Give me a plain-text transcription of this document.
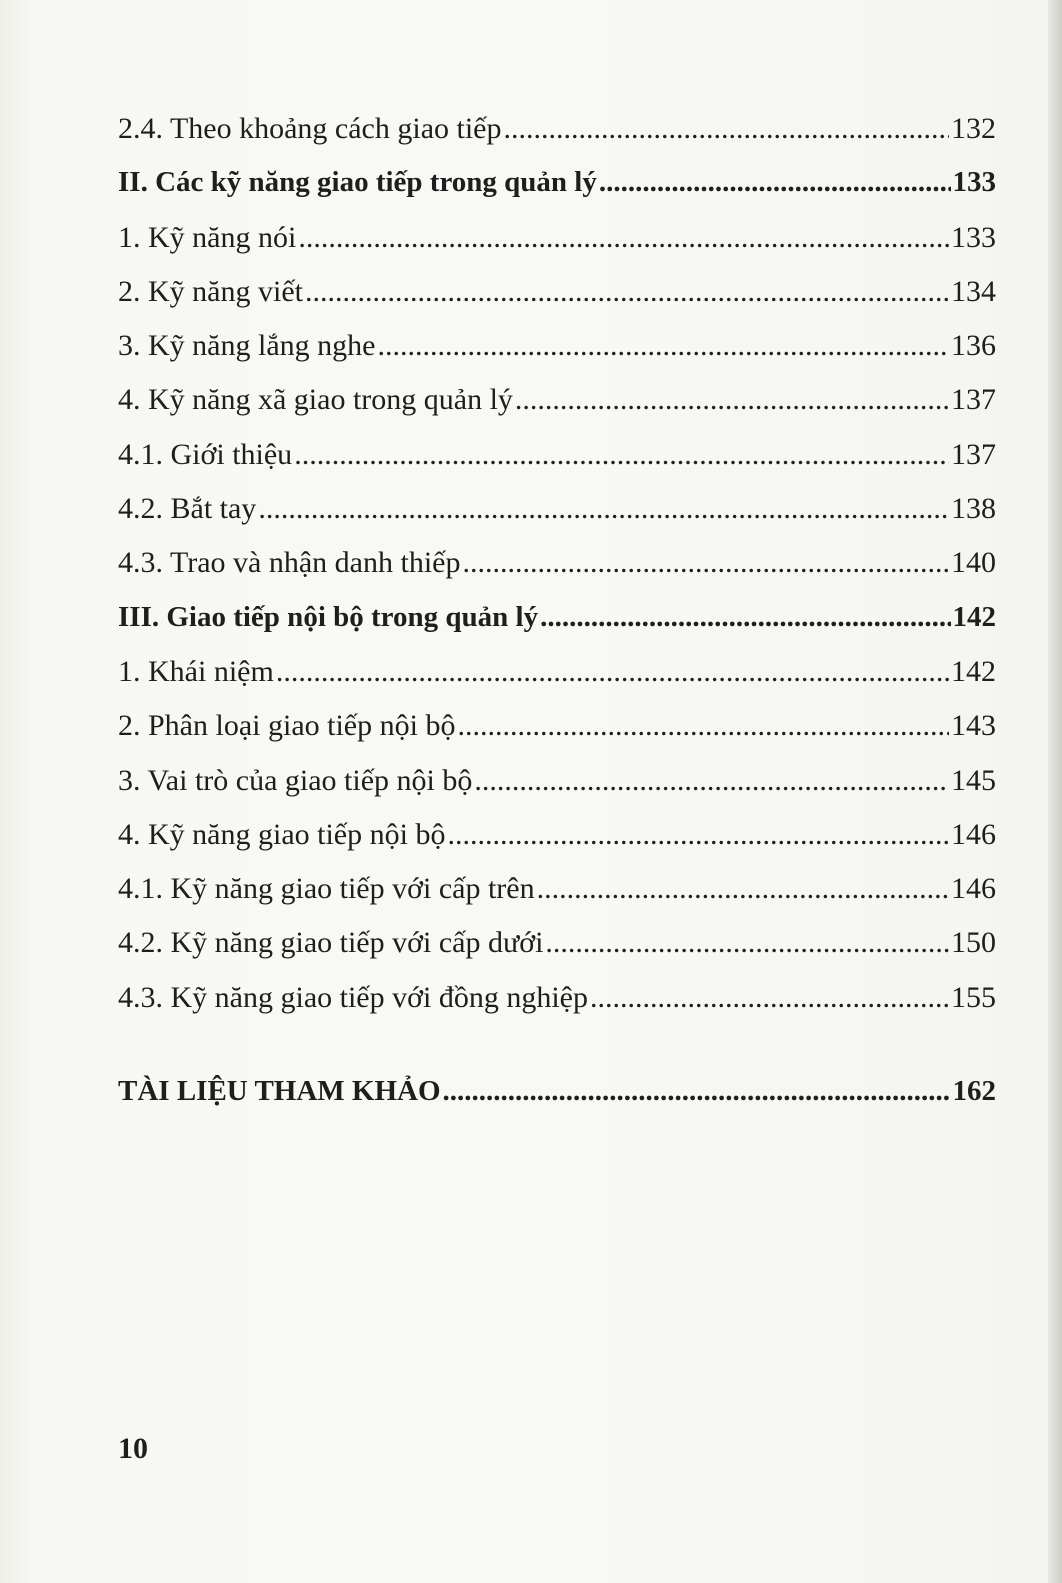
2.4. Theo khoảng cách giao tiếp .....	132
II. Các kỹ năng giao tiếp trong quản lý .....	133
1. Kỹ năng nói .....	133
2. Kỹ năng viết .....	134
3. Kỹ năng lắng nghe .....	136
4. Kỹ năng xã giao trong quản lý .....	137
4.1. Giới thiệu .....	137
4.2. Bắt tay .....	138
4.3. Trao và nhận danh thiếp .....	140
III. Giao tiếp nội bộ trong quản lý .....	142
1. Khái niệm .....	142
2. Phân loại giao tiếp nội bộ .....	143
3. Vai trò của giao tiếp nội bộ .....	145
4. Kỹ năng giao tiếp nội bộ .....	146
4.1. Kỹ năng giao tiếp với cấp trên .....	146
4.2. Kỹ năng giao tiếp với cấp dưới .....	150
4.3. Kỹ năng giao tiếp với đồng nghiệp .....	155
TÀI LIỆU THAM KHẢO .....	162
10
